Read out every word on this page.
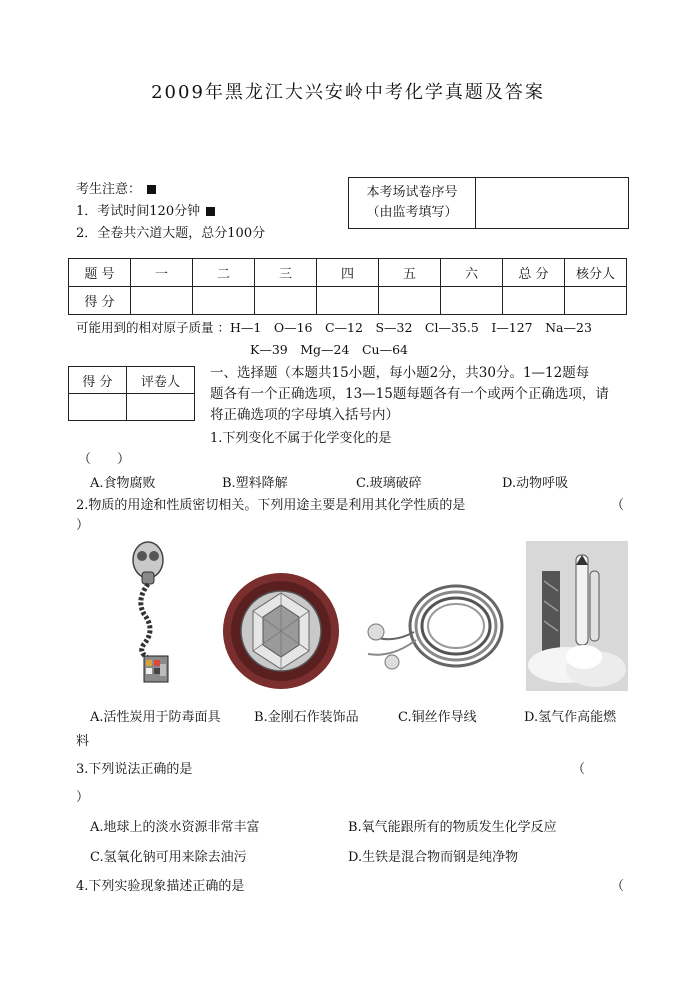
2009年黑龙江大兴安岭中考化学真题及答案
考生注意：
1．考试时间120分钟
2．全卷共六道大题，总分100分
本考场试卷序号
（由监考填写）

题 号	一	二	三	四	五	六	总 分	核分人
得 分								
可能用到的相对原子质量 ：H—1　O—16　C—12　S—32　Cl—35.5　I—127　Na—23
K—39　Mg—24　Cu—64
得 分	评卷人

一、选择题（本题共15小题，每小题2分，共30分。1—12题每
题各有一个正确选项，13—15题每题各有一个或两个正确选项，请
将正确选项的字母填入括号内）
1.下列变化不属于化学变化的是
（　　）
A.食物腐败	B.塑料降解	C.玻璃破碎	D.动物呼吸
2.物质的用途和性质密切相关。下列用途主要是利用其化学性质的是	（
）
A.活性炭用于防毒面具	B.金刚石作装饰品	C.铜丝作导线	D.氢气作高能燃
料
3.下列说法正确的是	（
）
A.地球上的淡水资源非常丰富	B.氧气能跟所有的物质发生化学反应
C.氢氧化钠可用来除去油污	D.生铁是混合物而钢是纯净物
4.下列实验现象描述正确的是	（
